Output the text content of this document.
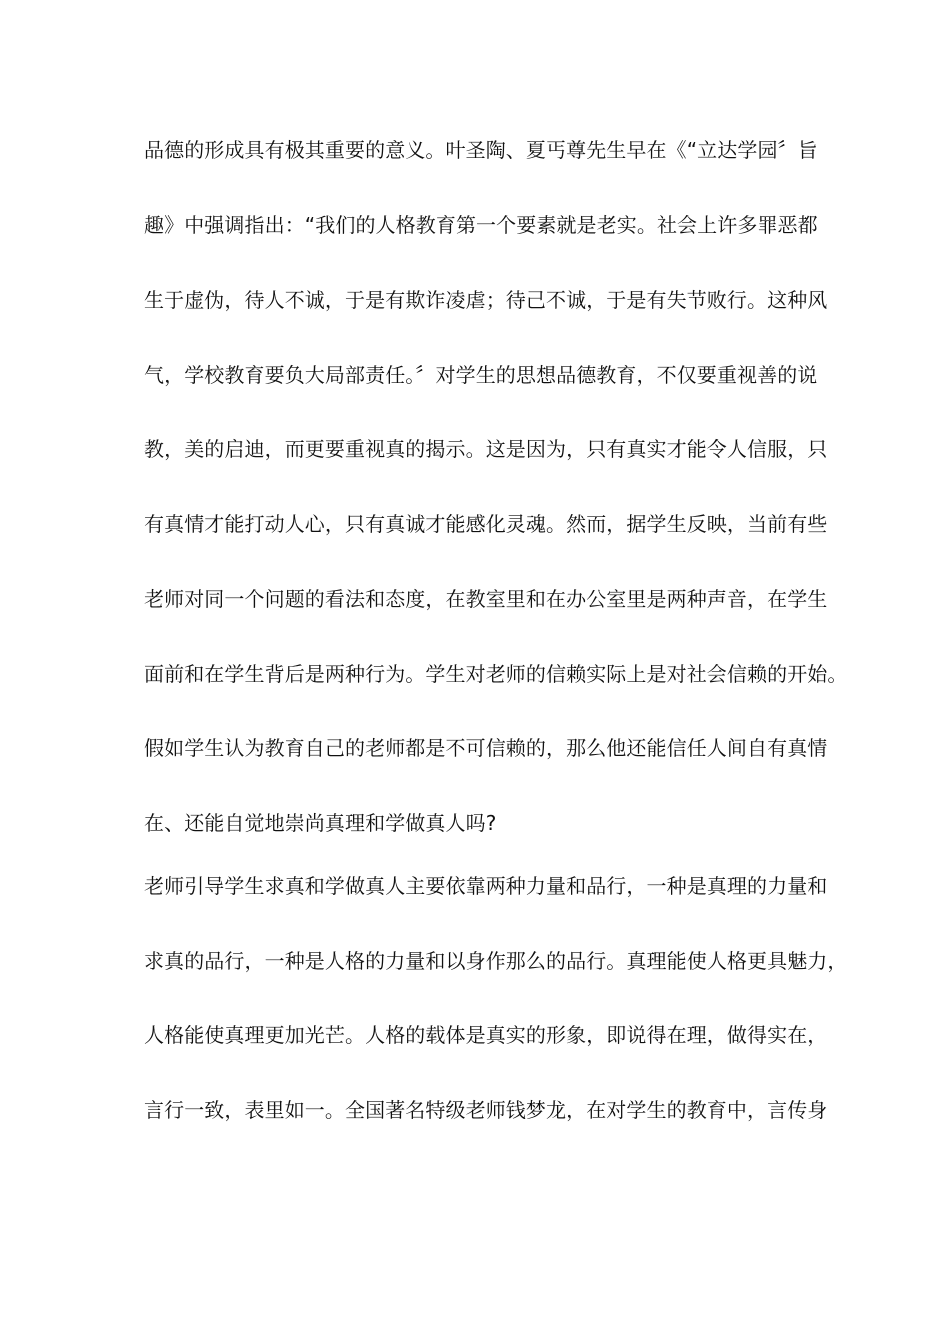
品德的形成具有极其重要的意义。叶圣陶、夏丐尊先生早在《“立达学园〞旨
趣》中强调指出：“我们的人格教育第一个要素就是老实。社会上许多罪恶都
生于虚伪，待人不诚，于是有欺诈凌虐；待己不诚，于是有失节败行。这种风
气，学校教育要负大局部责任。〞对学生的思想品德教育，不仅要重视善的说
教，美的启迪，而更要重视真的揭示。这是因为，只有真实才能令人信服，只
有真情才能打动人心，只有真诚才能感化灵魂。然而，据学生反映，当前有些
老师对同一个问题的看法和态度，在教室里和在办公室里是两种声音，在学生
面前和在学生背后是两种行为。学生对老师的信赖实际上是对社会信赖的开始。
假如学生认为教育自己的老师都是不可信赖的，那么他还能信任人间自有真情
在、还能自觉地崇尚真理和学做真人吗?
老师引导学生求真和学做真人主要依靠两种力量和品行，一种是真理的力量和
求真的品行，一种是人格的力量和以身作那么的品行。真理能使人格更具魅力，
人格能使真理更加光芒。人格的载体是真实的形象，即说得在理，做得实在，
言行一致，表里如一。全国著名特级老师钱梦龙，在对学生的教育中，言传身
